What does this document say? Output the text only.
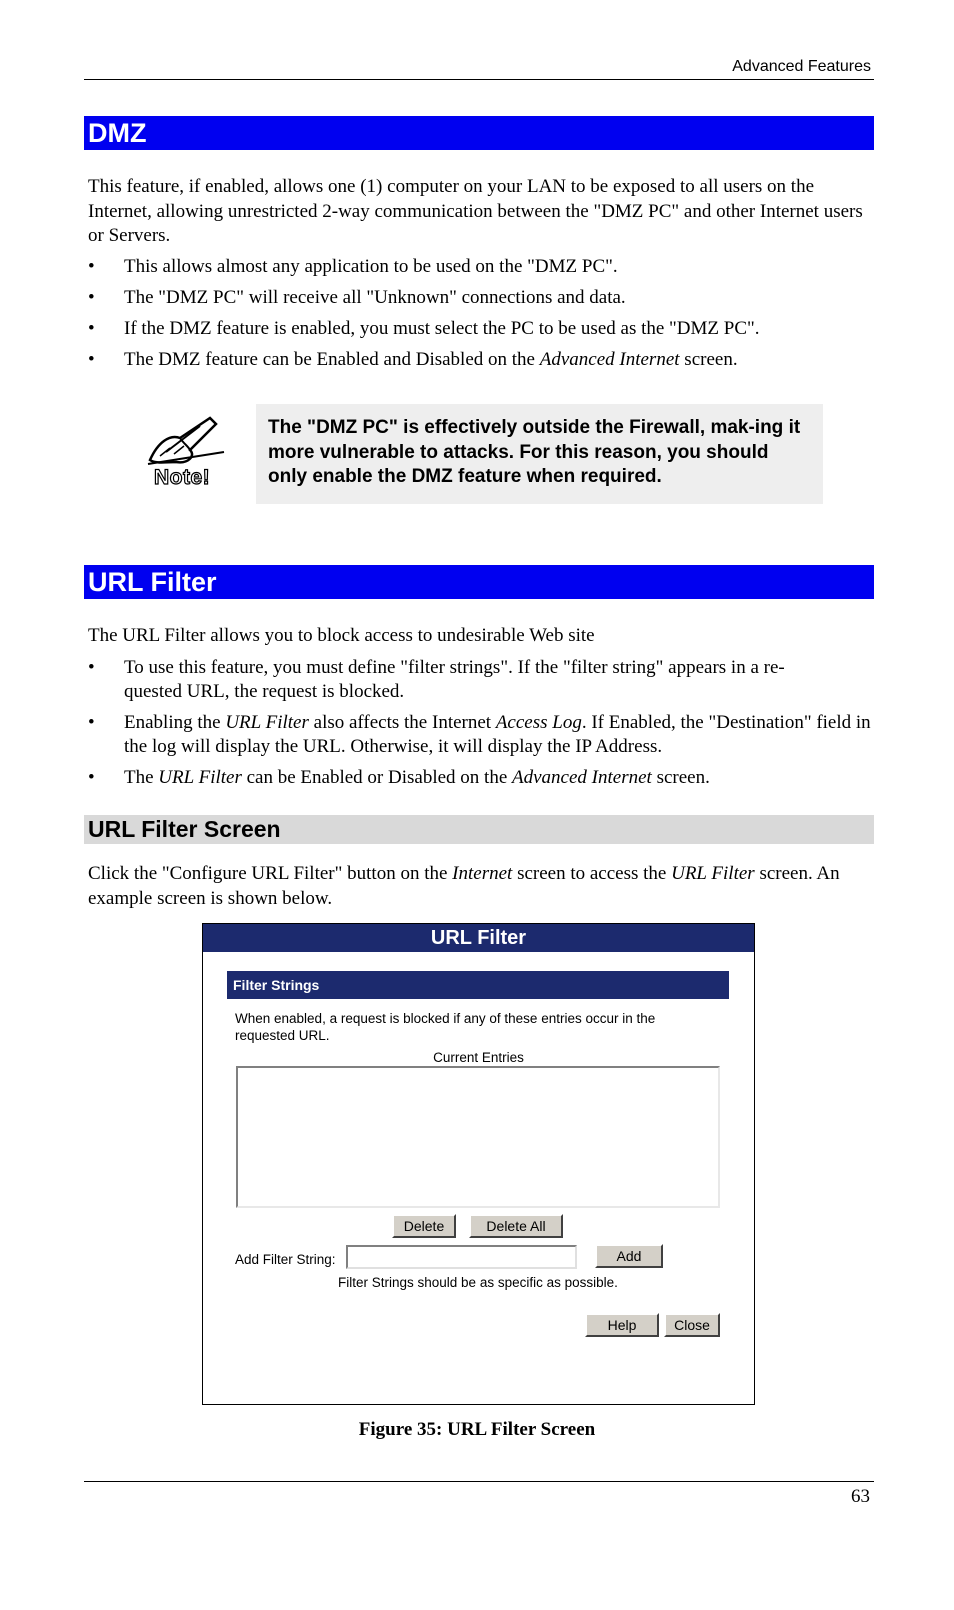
Advanced Features
DMZ
This feature, if enabled, allows one (1) computer on your LAN to be exposed to all users on the Internet, allowing unrestricted 2-way communication between the "DMZ PC" and other Internet users or Servers.
• This allows almost any application to be used on the "DMZ PC".
• The "DMZ PC" will receive all "Unknown" connections and data.
• If the DMZ feature is enabled, you must select the PC to be used as the "DMZ PC".
• The DMZ feature can be Enabled and Disabled on the Advanced Internet screen.
Note!
The "DMZ PC" is effectively outside the Firewall, mak-ing it more vulnerable to attacks. For this reason, you should only enable the DMZ feature when required.
URL Filter
The URL Filter allows you to block access to undesirable Web site
• To use this feature, you must define "filter strings". If the "filter string" appears in a re-quested URL, the request is blocked.
• Enabling the URL Filter also affects the Internet Access Log. If Enabled, the "Destination" field in the log will display the URL. Otherwise, it will display the IP Address.
• The URL Filter can be Enabled or Disabled on the Advanced Internet screen.
URL Filter Screen
Click the "Configure URL Filter" button on the Internet screen to access the URL Filter screen. An example screen is shown below.
URL Filter
Filter Strings
When enabled, a request is blocked if any of these entries occur in the requested URL.
Current Entries
Delete	Delete All
Add Filter String:	Add
Filter Strings should be as specific as possible.
Help	Close
Figure 35: URL Filter Screen
63
